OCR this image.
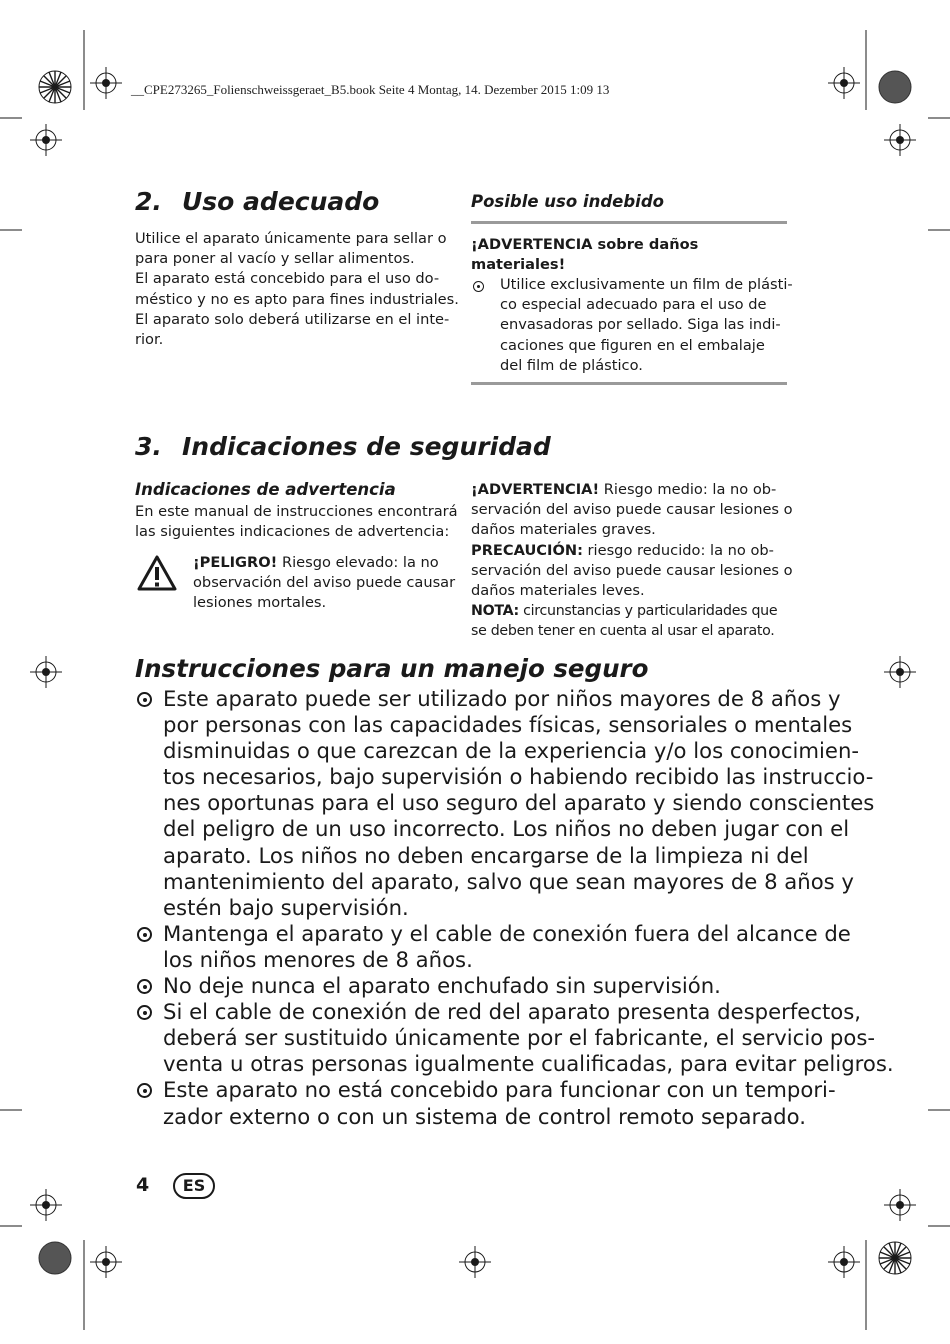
__CPE273265_Folienschweissgeraet_B5.book Seite 4 Montag, 14. Dezember 2015 1:09 13
2. Uso adecuado
Utilice el aparato únicamente para sellar o
para poner al vacío y sellar alimentos.
El aparato está concebido para el uso do-
méstico y no es apto para fines industriales.
El aparato solo deberá utilizarse en el inte-
rior.
Posible uso indebido
¡ADVERTENCIA sobre daños
materiales!
Utilice exclusivamente un film de plásti-
co especial adecuado para el uso de
envasadoras por sellado. Siga las indi-
caciones que figuren en el embalaje
del film de plástico.
3. Indicaciones de seguridad
Indicaciones de advertencia
En este manual de instrucciones encontrará
las siguientes indicaciones de advertencia:
¡PELIGRO! Riesgo elevado: la no
observación del aviso puede causar
lesiones mortales.
¡ADVERTENCIA! Riesgo medio: la no ob-
servación del aviso puede causar lesiones o
daños materiales graves.
PRECAUCIÓN: riesgo reducido: la no ob-
servación del aviso puede causar lesiones o
daños materiales leves.
NOTA: circunstancias y particularidades que
se deben tener en cuenta al usar el aparato.
Instrucciones para un manejo seguro
Este aparato puede ser utilizado por niños mayores de 8 años y
por personas con las capacidades físicas, sensoriales o mentales
disminuidas o que carezcan de la experiencia y/o los conocimien-
tos necesarios, bajo supervisión o habiendo recibido las instruccio-
nes oportunas para el uso seguro del aparato y siendo conscientes
del peligro de un uso incorrecto. Los niños no deben jugar con el
aparato. Los niños no deben encargarse de la limpieza ni del
mantenimiento del aparato, salvo que sean mayores de 8 años y
estén bajo supervisión.
Mantenga el aparato y el cable de conexión fuera del alcance de
los niños menores de 8 años.
No deje nunca el aparato enchufado sin supervisión.
Si el cable de conexión de red del aparato presenta desperfectos,
deberá ser sustituido únicamente por el fabricante, el servicio pos-
venta u otras personas igualmente cualificadas, para evitar peligros.
Este aparato no está concebido para funcionar con un tempori-
zador externo o con un sistema de control remoto separado.
4	ES
